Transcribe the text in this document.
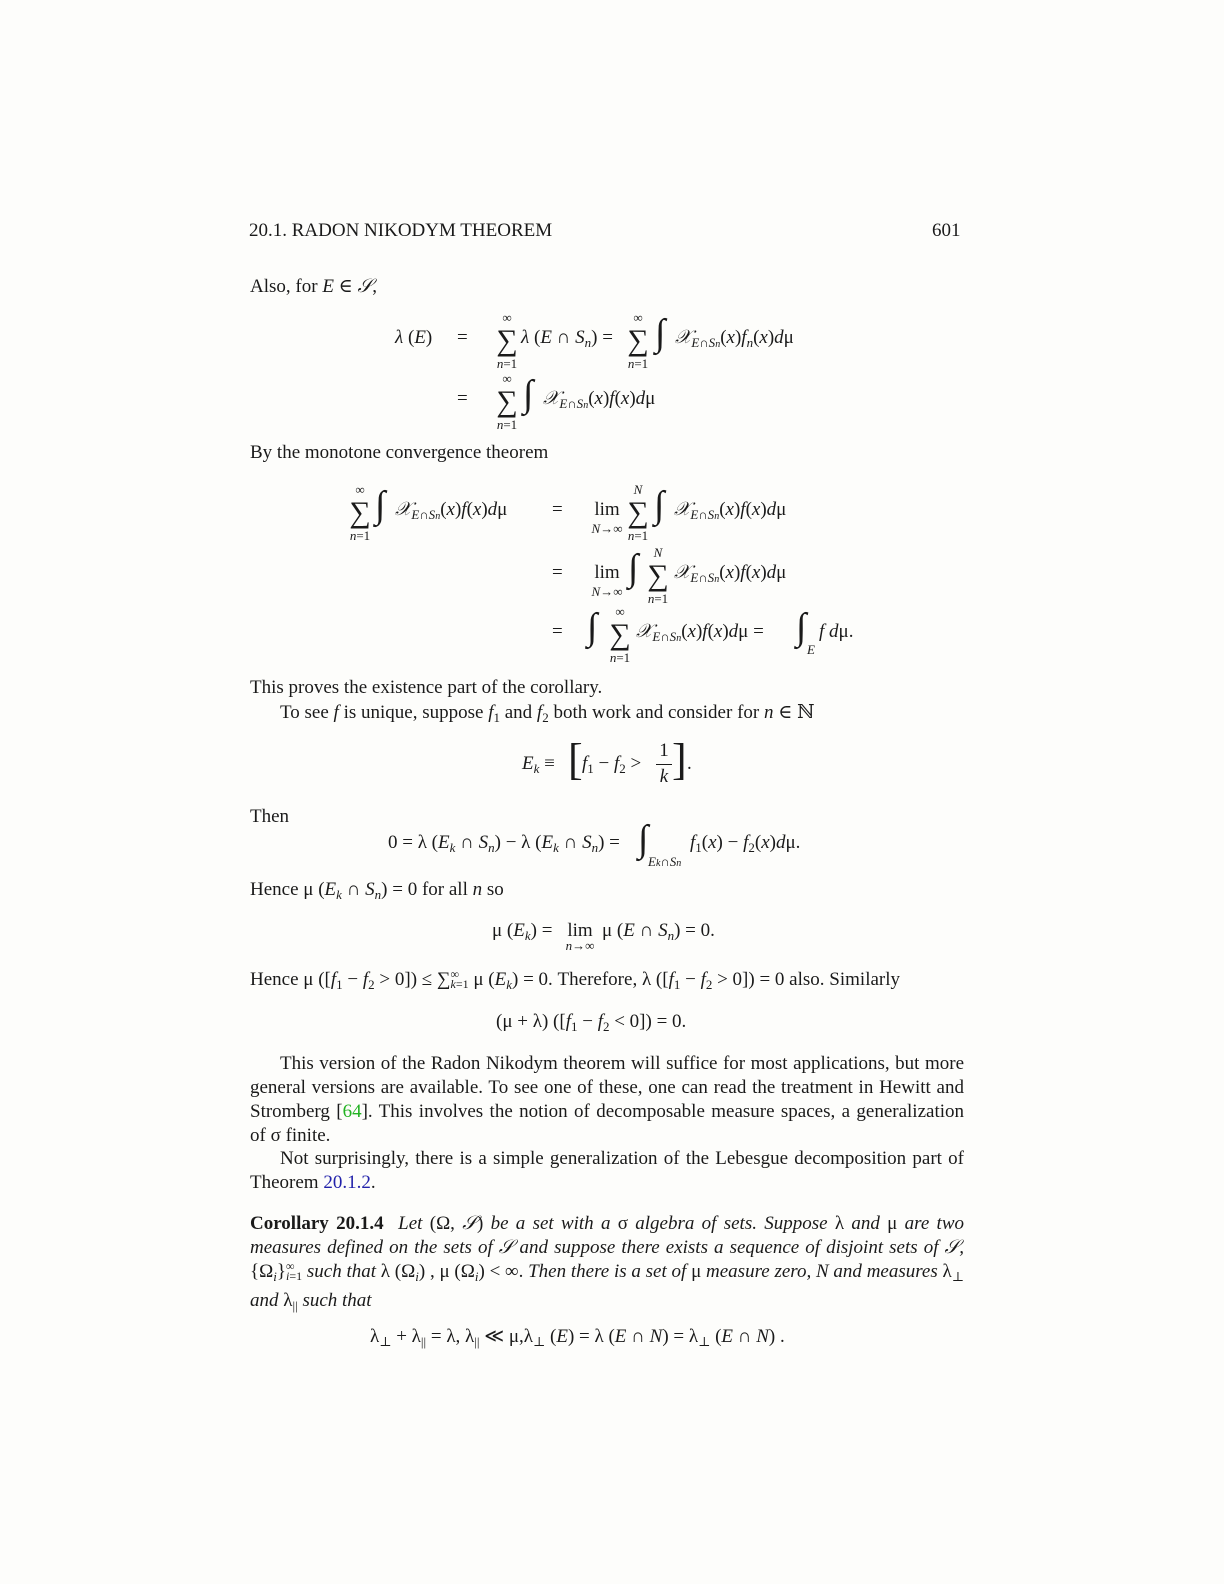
20.1. RADON NIKODYM THEOREM	601
Also, for E ∈ 𝒮,
λ (E) =
∞
∑
n=1
λ (E ∩ $S_n$) =
∞
∑
n=1
∫ $𝒳_{E\cap Sn}(x)f_n(x)d\mu$
=
∞
∑
n=1
∫ 𝒳$_{E\cap Sn}$(x)f(x)dμ
By the monotone convergence theorem
∞
∑
n=1
∫ 𝒳$_{E\cap Sn}$(x)f(x)dμ =	lim
N→∞
N
∑
n=1
∫ 𝒳$_{E\cap Sn}$(x)f(x)dμ
=	lim
N→∞
∫	N
∑
n=1
𝒳$_{E\cap Sn}$(x)f(x)dμ
= ∫	∞
∑
n=1
𝒳$_{E\cap Sn}$(x)f(x)dμ = ∫
E
f dμ.
This proves the existence part of the corollary.
To see f is unique, suppose $f_1$ and $f_2$ both work and consider for n ∈ ℕ
$E_k$ ≡ [ $f_1 - f_2$ >
1
k ] .
Then
0 = λ ($E_k$ ∩ $S_n) - \lambda$ ($E_k$ ∩ $S_n$) = ∫
Ek∩Sn
$f_1(x) - f_2(x)d\mu$.
Hence μ ($E_k$ ∩ $S_n) = 0$ for all n so
μ $(E_k) = \lim$
n→∞
μ (E ∩ $S_n) = 0$.
Hence μ $([f_1 - f_2 > 0])$ ≤ ∑ ∞
k=1 μ $(E_k) = 0$. Therefore, λ $([f_1 - f_2 > 0]) = 0$ also. Similarly
(μ + λ) $([f_1 - f_2 < 0]) = 0$.
This version of the Radon Nikodym theorem will suffice for most applications, but more general versions are available. To see one of these, one can read the treatment in Hewitt and Stromberg [64]. This involves the notion of decomposable measure spaces, a generalization of σ finite.
Not surprisingly, there is a simple generalization of the Lebesgue decomposition part of Theorem 20.1.2.
Corollary 20.1.4 Let (Ω, 𝒮) be a set with a σ algebra of sets. Suppose λ and μ are two measures defined on the sets of 𝒮 and suppose there exists a sequence of disjoint sets of 𝒮, $\{\Omega_i\}$ ∞
i=1 such that λ $(\Omega_i)$ , μ $(\Omega_i)$ < ∞. Then there is a set of μ measure zero, N and measures $\lambda_\perp$ and $\lambda_{||}$ such that
$\lambda_\perp + \lambda_{||} = \lambda$, $\lambda_{||}$ ≪ $\mu,\lambda_\perp$ (E) = λ (E ∩ $N) = \lambda_\perp$ (E ∩ N) .
